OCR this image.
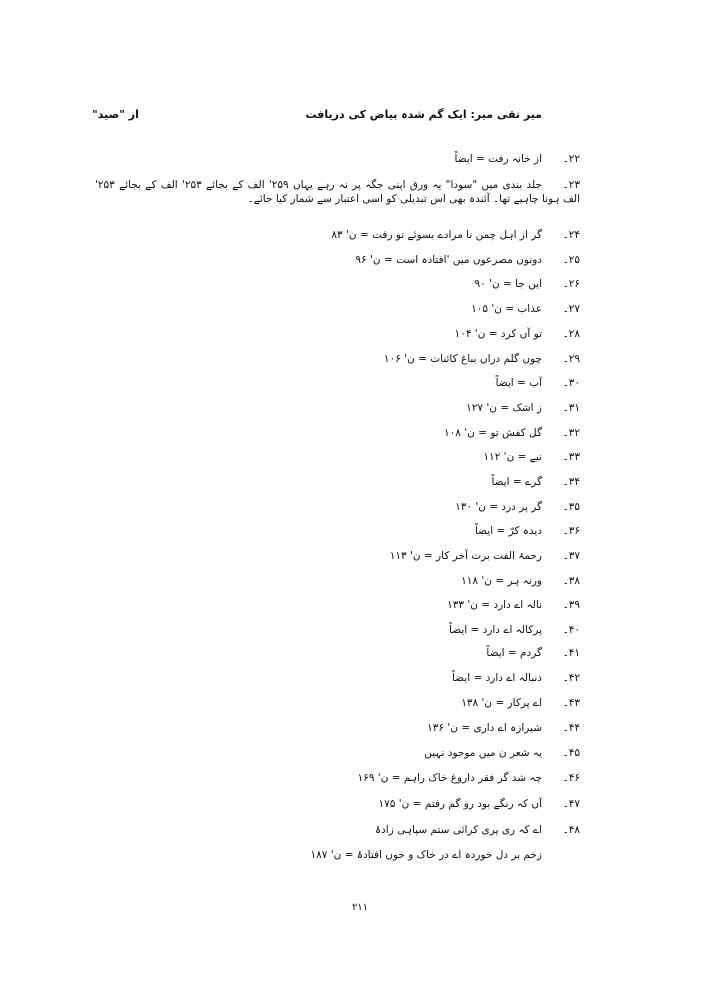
میر تقی میر: ایک گم شدہ بیاض کی دریافت
از "صید"
۲۲۔از خانہ رفت = ایضاً
۲۳۔جلد بندی میں "سودا" یہ ورق اپنی جگہ پر نہ رہے یہاں ۲۵۹' الف کے بجائے ۲۵۳' الف کے بجائے ۲۵۳' الف ہونا چاہیے تھا۔ آئندہ بھی اس تبدیلی کو اسی اعتبار سے شمار کیا جائے۔
۲۴۔گر از اہل چمن نا مرادے بسوئے تو رفت = ن' ۸۳
۲۵۔دونوں مصرعوں میں 'افتادہ است = ن' ۹۶
۲۶۔ایں جا = ن' ۹۰
۲۷۔عذاب = ن' ۱۰۵
۲۸۔تو آں کرد = ن' ۱۰۴
۲۹۔چوں گلم دراں بباغ کائنات = ن' ۱۰۶
۳۰۔آب = ایضاً
۳۱۔ز اشک = ن' ۱۲۷
۳۲۔گل کفش تو = ن' ۱۰۸
۳۳۔نیے = ن' ۱۱۲
۳۴۔گرے = ایضاً
۳۵۔گر پر درد = ن' ۱۳۰
۳۶۔دیدہ کرّ = ایضاً
۳۷۔رحمۂ الفت برت آخر کار = ن' ۱۱۳
۳۸۔ورنہ ہر = ن' ۱۱۸
۳۹۔نالہ اے دارد = ن' ۱۳۳
۴۰۔پرکالہ اے دارد = ایضاً
۴۱۔گردم = ایضاً
۴۲۔دنبالہ اے دارد = ایضاً
۴۳۔اے پرکار = ن' ۱۳۸
۴۴۔شیرازہ اے داری = ن' ۱۳۶
۴۵۔یہ شعر ن میں موجود نہیں
۴۶۔چہ شد گر فقر داروغ خاک راہم = ن' ۱۶۹
۴۷۔آں کہ رنگے بود رو گم رفتم = ن' ۱۷۵
۴۸۔اے کہ ری پری کرائی ستم سپاہی زادۂ
زخم بر دل خوردہ اے در خاک و خوں افتادۂ = ن' ۱۸۷
۲۱۱
